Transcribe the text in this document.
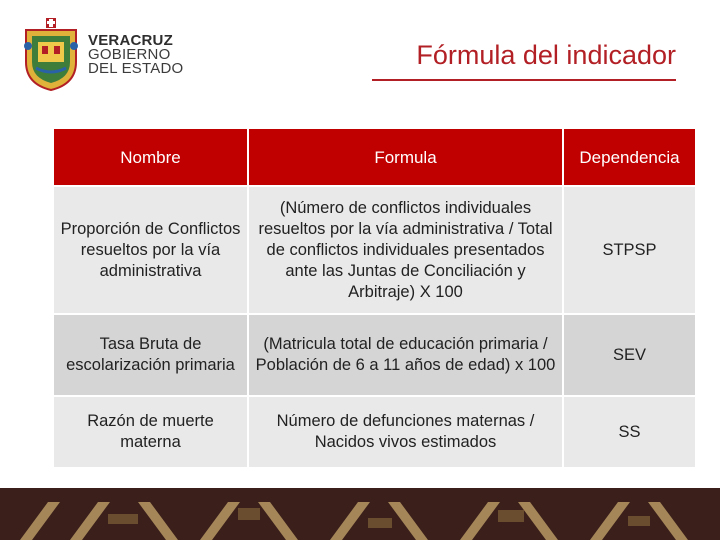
VERACRUZ
GOBIERNO
DEL ESTADO	Fórmula del indicador
Nombre	Formula	Dependencia
Proporción de Conflictos resueltos por la vía administrativa	(Número de conflictos individuales resueltos por la vía administrativa / Total de conflictos individuales presentados ante las Juntas de Conciliación y Arbitraje) X 100	STPSP
Tasa Bruta de escolarización primaria	(Matricula total de educación primaria / Población de 6 a 11 años de edad) x 100	SEV
Razón de muerte materna	Número de defunciones maternas / Nacidos vivos estimados	SS
